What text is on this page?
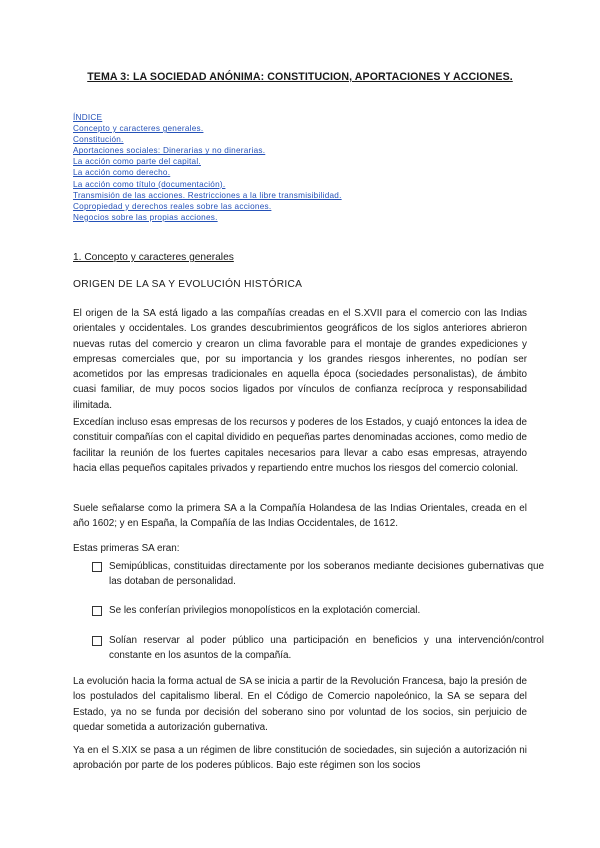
TEMA 3: LA SOCIEDAD ANÓNIMA: CONSTITUCION, APORTACIONES Y ACCIONES.
ÍNDICE
Concepto y caracteres generales.
Constitución.
Aportaciones sociales: Dinerarias y no dinerarias.
La acción como parte del capital.
La acción como derecho.
La acción como título (documentación).
Transmisión de las acciones. Restricciones a la libre transmisibilidad.
Copropiedad y derechos reales sobre las acciones.
Negocios sobre las propias acciones.
1. Concepto y caracteres generales
ORIGEN DE LA SA Y EVOLUCIÓN HISTÓRICA

El origen de la SA está ligado a las compañías creadas en el S.XVII para el comercio con las Indias orientales y occidentales. Los grandes descubrimientos geográficos de los siglos anteriores abrieron nuevas rutas del comercio y crearon un clima favorable para el montaje de grandes expediciones y empresas comerciales que, por su importancia y los grandes riesgos inherentes, no podían ser acometidos por las empresas tradicionales en aquella época (sociedades personalistas), de ámbito cuasi familiar, de muy pocos socios ligados por vínculos de confianza recíproca y responsabilidad ilimitada.

Excedían incluso esas empresas de los recursos y poderes de los Estados, y cuajó entonces la idea de constituir compañías con el capital dividido en pequeñas partes denominadas acciones, como medio de facilitar la reunión de los fuertes capitales necesarios para llevar a cabo esas empresas, atrayendo hacia ellas pequeños capitales privados y repartiendo entre muchos los riesgos del comercio colonial.

Suele señalarse como la primera SA a la Compañía Holandesa de las Indias Orientales, creada en el año 1602; y en España, la Compañía de las Indias Occidentales, de 1612.

Estas primeras SA eran:

Semipúblicas, constituidas directamente por los soberanos mediante decisiones gubernativas que las dotaban de personalidad.
Se les conferían privilegios monopolísticos en la explotación comercial.
Solían reservar al poder público una participación en beneficios y una intervención/control constante en los asuntos de la compañía.

La evolución hacia la forma actual de SA se inicia a partir de la Revolución Francesa, bajo la presión de los postulados del capitalismo liberal. En el Código de Comercio napoleónico, la SA se separa del Estado, ya no se funda por decisión del soberano sino por voluntad de los socios, sin perjuicio de quedar sometida a autorización gubernativa.

Ya en el S.XIX se pasa a un régimen de libre constitución de sociedades, sin sujeción a autorización ni aprobación por parte de los poderes públicos. Bajo este régimen son los socios
